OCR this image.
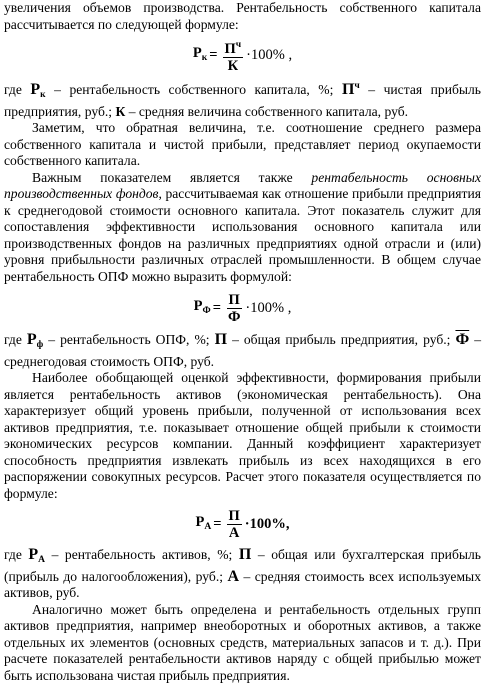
увеличения объемов производства. Рентабельность собственного капитала рассчитывается по следующей формуле:

$Р_к = \frac{П^ч}{К} \cdot 100\%$ ,

где $Р_к$ – рентабельность собственного капитала, %; $П^ч$ – чистая прибыль предприятия, руб.; К – средняя величина собственного капитала, руб.

Заметим, что обратная величина, т.е. соотношение среднего размера собственного капитала и чистой прибыли, представляет период окупаемости собственного капитала.

Важным показателем является также рентабельность основных производственных фондов, рассчитываемая как отношение прибыли предприятия к среднегодовой стоимости основного капитала. Этот показатель служит для сопоставления эффективности использования основного капитала или производственных фондов на различных предприятиях одной отрасли и (или) уровня прибыльности различных отраслей промышленности. В общем случае рентабельность ОПФ можно выразить формулой:

$Р_Ф = \frac{П}{Ф} \cdot 100\%$ ,

где $Р_ф$ – рентабельность ОПФ, %; П – общая прибыль предприятия, руб.; Ф – среднегодовая стоимость ОПФ, руб.

Наиболее обобщающей оценкой эффективности, формирования прибыли является рентабельность активов (экономическая рентабельность). Она характеризует общий уровень прибыли, полученной от использования всех активов предприятия, т.е. показывает отношение общей прибыли к стоимости экономических ресурсов компании. Данный коэффициент характеризует способность предприятия извлекать прибыль из всех находящихся в его распоряжении совокупных ресурсов. Расчет этого показателя осуществляется по формуле:

$Р_А = \frac{П}{А} \cdot 100\%$,

где $Р_А$ – рентабельность активов, %; П – общая или бухгалтерская прибыль (прибыль до налогообложения), руб.; А – средняя стоимость всех используемых активов, руб.

Аналогично может быть определена и рентабельность отдельных групп активов предприятия, например внеоборотных и оборотных активов, а также отдельных их элементов (основных средств, материальных запасов и т. д.). При расчете показателей рентабельности активов наряду с общей прибылью может быть использована чистая прибыль предприятия.
